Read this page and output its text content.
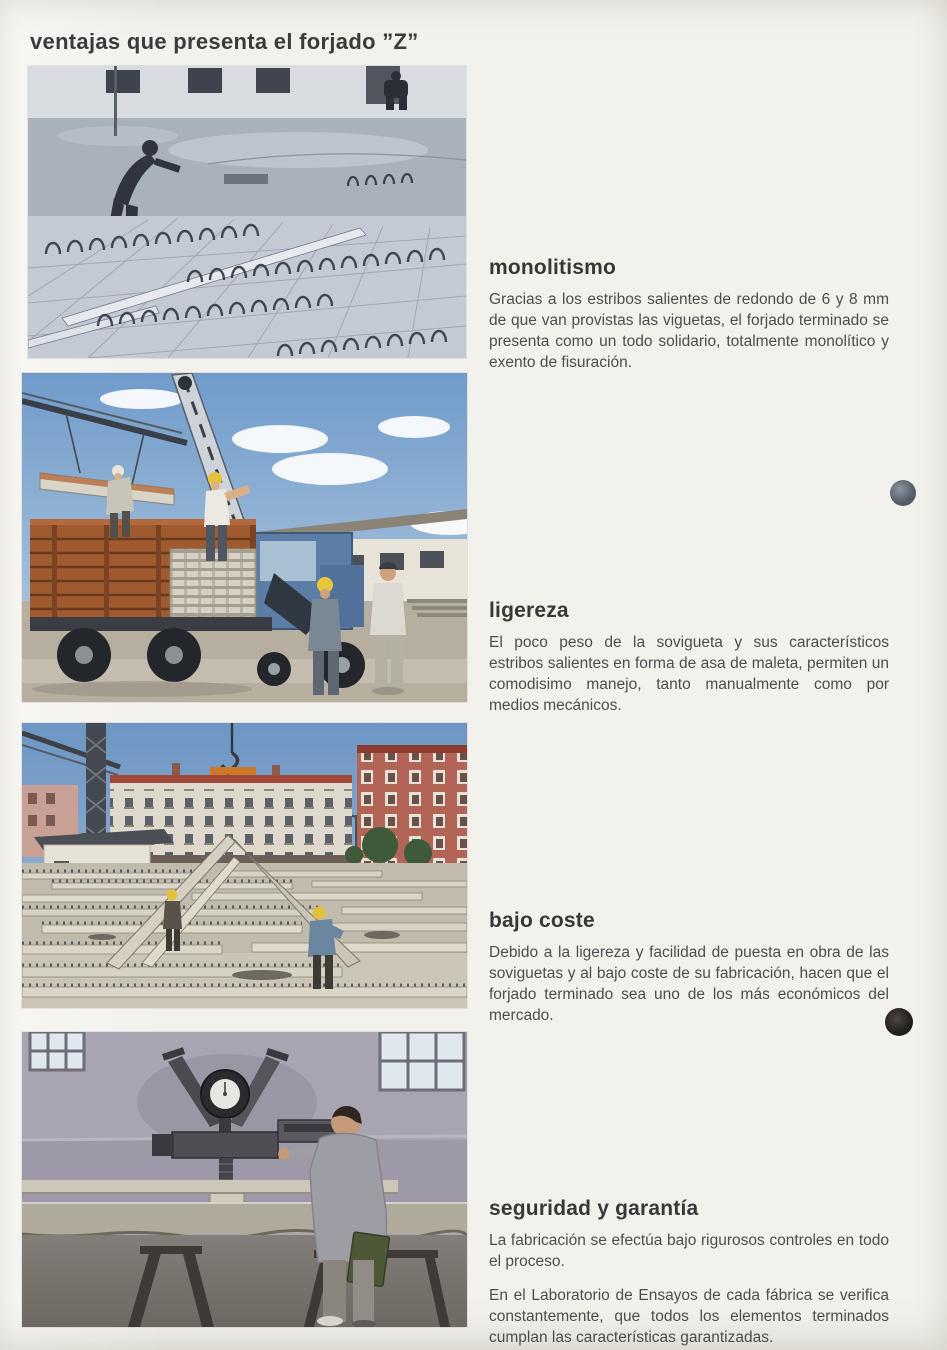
ventajas que presenta el forjado ”Z”
monolitismo

Gracias a los estribos salientes de redondo de 6 y 8 mm de que van provistas las viguetas, el forjado terminado se presenta como un todo solidario, totalmente monolítico y exento de fisuración.

ligereza

El poco peso de la sovigueta y sus característicos estribos salientes en forma de asa de maleta, permiten un comodisimo manejo, tanto manualmente como por medios mecánicos.

bajo coste

Debido a la ligereza y facilidad de puesta en obra de las soviguetas y al bajo coste de su fabricación, hacen que el forjado terminado sea uno de los más económicos del mercado.

seguridad y garantía

La fabricación se efectúa bajo rigurosos controles en todo el proceso.

En el Laboratorio de Ensayos de cada fábrica se verifica constantemente, que todos los elementos terminados cumplan las características garantizadas.
